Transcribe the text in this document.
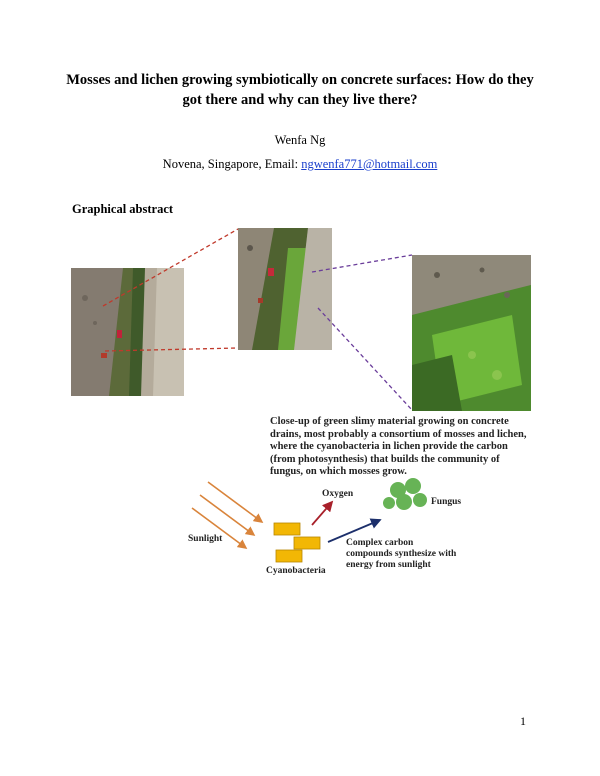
Mosses and lichen growing symbiotically on concrete surfaces: How do they
got there and why can they live there?
Wenfa Ng
Novena, Singapore, Email: ngwenfa771@hotmail.com
Graphical abstract
Close-up of green slimy material growing on concrete drains, most probably a consortium of mosses and lichen, where the cyanobacteria in lichen provide the carbon (from photosynthesis) that builds the community of fungus, on which mosses grow.
Sunlight
Oxygen
Fungus
Cyanobacteria
Complex carbon
compounds synthesize with
energy from sunlight
1
